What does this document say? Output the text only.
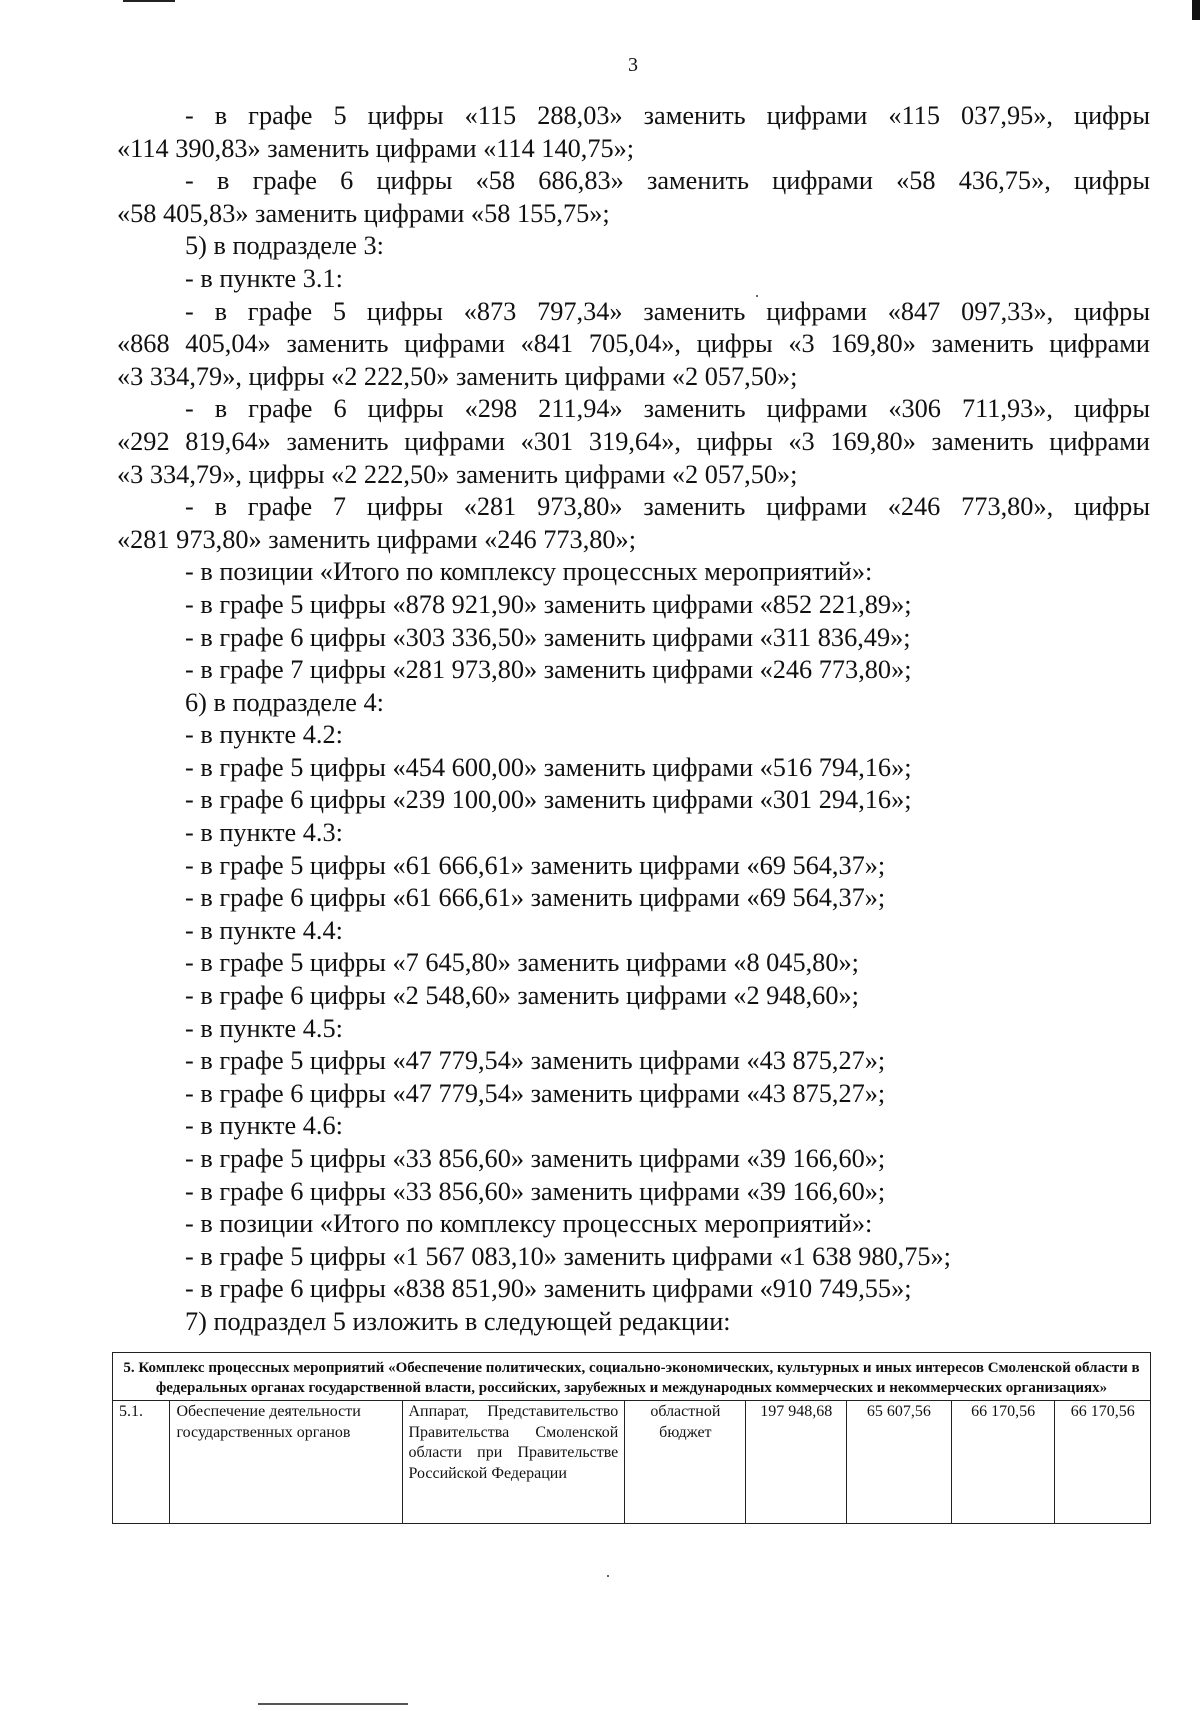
3
- в графе 5 цифры «115 288,03» заменить цифрами «115 037,95», цифры
«114 390,83» заменить цифрами «114 140,75»;
- в графе 6 цифры «58 686,83» заменить цифрами «58 436,75», цифры
«58 405,83» заменить цифрами «58 155,75»;
5) в подразделе 3:
- в пункте 3.1:
- в графе 5 цифры «873 797,34» заменить цифрами «847 097,33», цифры
«868 405,04» заменить цифрами «841 705,04», цифры «3 169,80» заменить цифрами
«3 334,79», цифры «2 222,50» заменить цифрами «2 057,50»;
- в графе 6 цифры «298 211,94» заменить цифрами «306 711,93», цифры
«292 819,64» заменить цифрами «301 319,64», цифры «3 169,80» заменить цифрами
«3 334,79», цифры «2 222,50» заменить цифрами «2 057,50»;
- в графе 7 цифры «281 973,80» заменить цифрами «246 773,80», цифры
«281 973,80» заменить цифрами «246 773,80»;
- в позиции «Итого по комплексу процессных мероприятий»:
- в графе 5 цифры «878 921,90» заменить цифрами «852 221,89»;
- в графе 6 цифры «303 336,50» заменить цифрами «311 836,49»;
- в графе 7 цифры «281 973,80» заменить цифрами «246 773,80»;
6) в подразделе 4:
- в пункте 4.2:
- в графе 5 цифры «454 600,00» заменить цифрами «516 794,16»;
- в графе 6 цифры «239 100,00» заменить цифрами «301 294,16»;
- в пункте 4.3:
- в графе 5 цифры «61 666,61» заменить цифрами «69 564,37»;
- в графе 6 цифры «61 666,61» заменить цифрами «69 564,37»;
- в пункте 4.4:
- в графе 5 цифры «7 645,80» заменить цифрами «8 045,80»;
- в графе 6 цифры «2 548,60» заменить цифрами «2 948,60»;
- в пункте 4.5:
- в графе 5 цифры «47 779,54» заменить цифрами «43 875,27»;
- в графе 6 цифры «47 779,54» заменить цифрами «43 875,27»;
- в пункте 4.6:
- в графе 5 цифры «33 856,60» заменить цифрами «39 166,60»;
- в графе 6 цифры «33 856,60» заменить цифрами «39 166,60»;
- в позиции «Итого по комплексу процессных мероприятий»:
- в графе 5 цифры «1 567 083,10» заменить цифрами «1 638 980,75»;
- в графе 6 цифры «838 851,90» заменить цифрами «910 749,55»;
7) подраздел 5 изложить в следующей редакции:
5. Комплекс процессных мероприятий «Обеспечение политических, социально-экономических, культурных и иных интересов Смоленской области в федеральных органах государственной власти, российских, зарубежных и международных коммерческих и некоммерческих организациях»
5.1.	Обеспечение деятельности государственных органов	Аппарат, Представительство Правительства Смоленской области при Правительстве Российской Федерации	областной бюджет	197 948,68	65 607,56	66 170,56	66 170,56
